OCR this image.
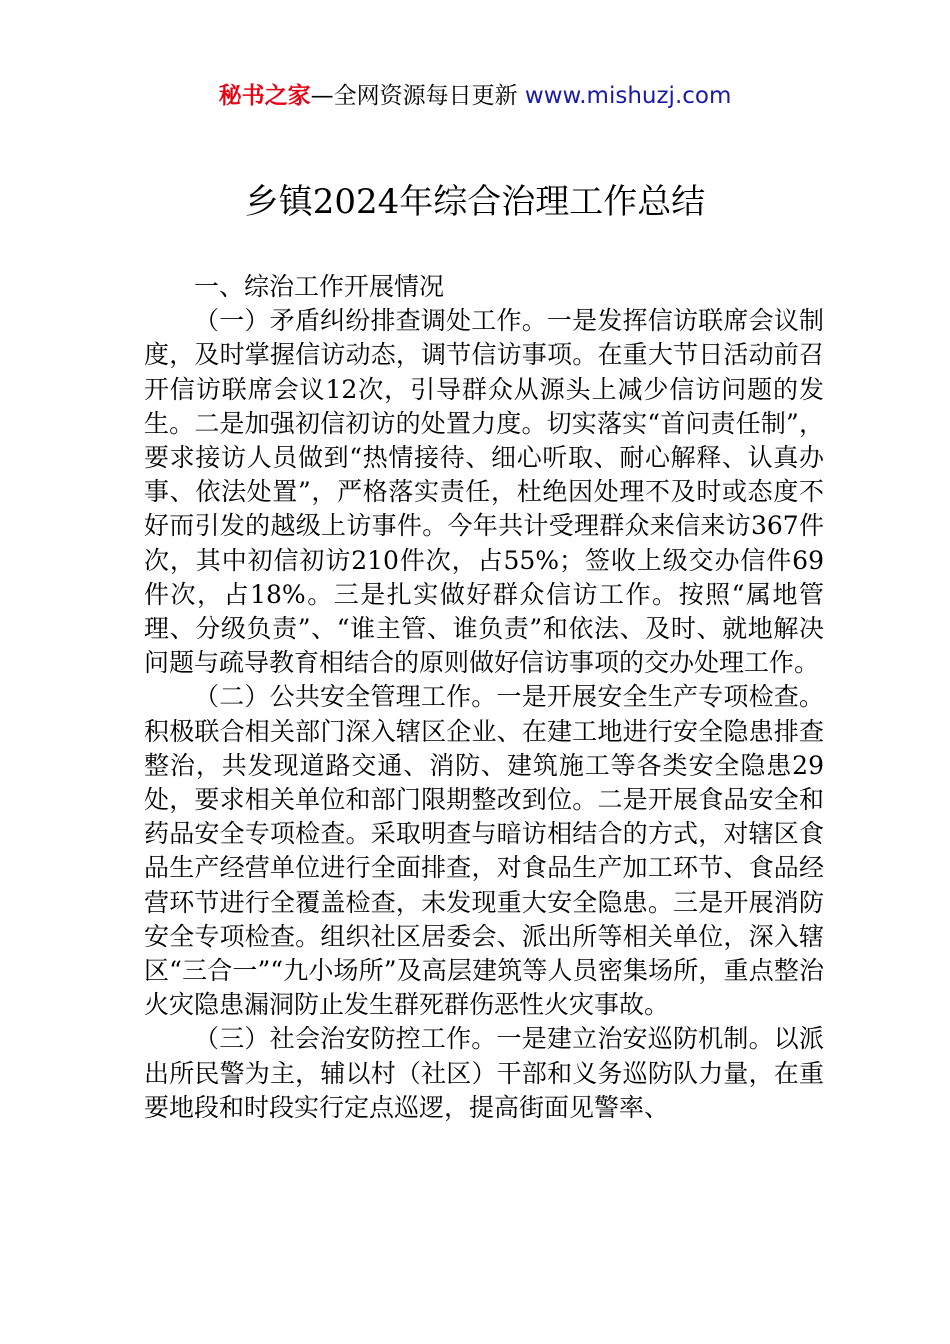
秘书之家—全网资源每日更新 www.mishuzj.com
乡镇2024年综合治理工作总结

一、综治工作开展情况

（一）矛盾纠纷排查调处工作。一是发挥信访联席会议制度，及时掌握信访动态，调节信访事项。在重大节日活动前召开信访联席会议12次，引导群众从源头上减少信访问题的发生。二是加强初信初访的处置力度。切实落实“首问责任制”，要求接访人员做到“热情接待、细心听取、耐心解释、认真办事、依法处置”，严格落实责任，杜绝因处理不及时或态度不好而引发的越级上访事件。今年共计受理群众来信来访367件次，其中初信初访210件次，占55%；签收上级交办信件69件次，占18%。三是扎实做好群众信访工作。按照“属地管理、分级负责”、“谁主管、谁负责”和依法、及时、就地解决问题与疏导教育相结合的原则做好信访事项的交办处理工作。

（二）公共安全管理工作。一是开展安全生产专项检查。积极联合相关部门深入辖区企业、在建工地进行安全隐患排查整治，共发现道路交通、消防、建筑施工等各类安全隐患29处，要求相关单位和部门限期整改到位。二是开展食品安全和药品安全专项检查。采取明查与暗访相结合的方式，对辖区食品生产经营单位进行全面排查，对食品生产加工环节、食品经营环节进行全覆盖检查，未发现重大安全隐患。三是开展消防安全专项检查。组织社区居委会、派出所等相关单位，深入辖区“三合一”“九小场所”及高层建筑等人员密集场所，重点整治火灾隐患漏洞防止发生群死群伤恶性火灾事故。

（三）社会治安防控工作。一是建立治安巡防机制。以派出所民警为主，辅以村（社区）干部和义务巡防队力量，在重要地段和时段实行定点巡逻，提高街面见警率、
